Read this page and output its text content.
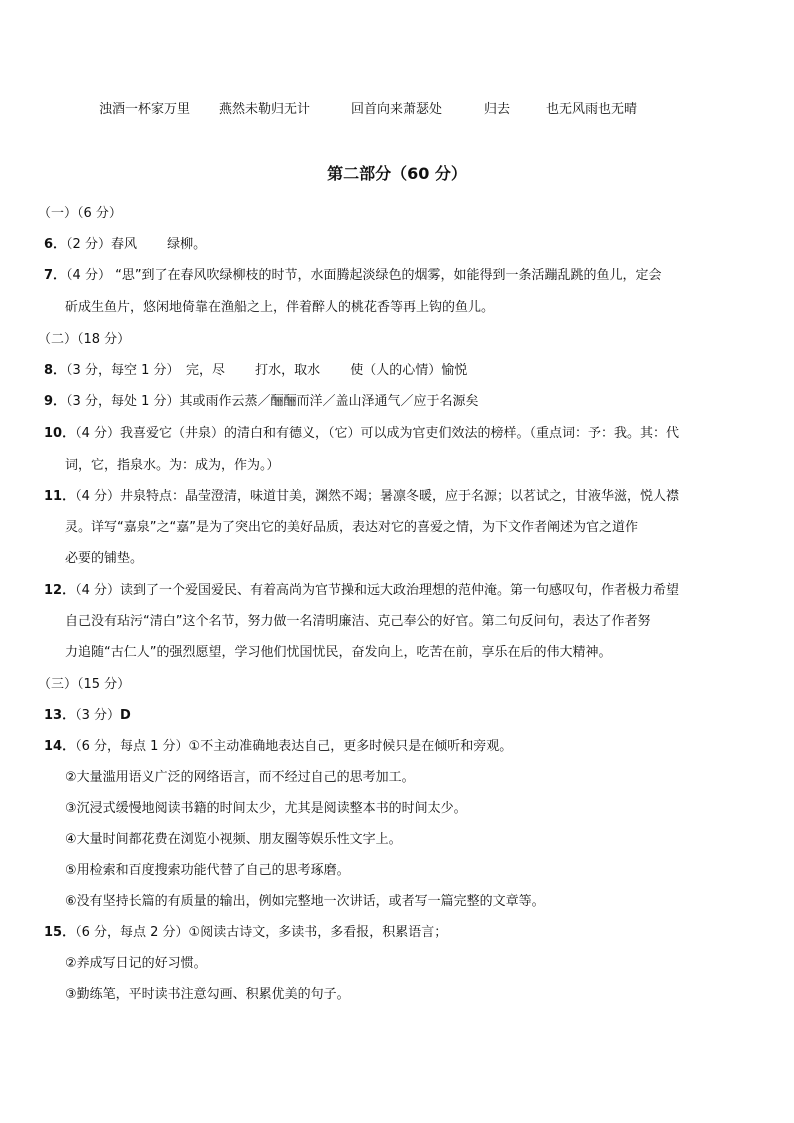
浊酒一杯家万里 燕然未勒归无计	回首向来萧瑟处	归去	也无风雨也无晴
第二部分（60 分）
（一）（6 分）
6．（2 分）春风　　 绿柳。
7．（4 分） “思”到了在春风吹绿柳枝的时节，水面腾起淡绿色的烟雾，如能得到一条活蹦乱跳的鱼儿，定会
斫成生鱼片，悠闲地倚靠在渔船之上，伴着醉人的桃花香等再上钩的鱼儿。
（二）（18 分）
8．（3 分，每空 1 分）　完，尽　　 打水，取水　　 使（人的心情）愉悦
9．（3 分，每处 1 分）其或雨作云蒸／酾酾而洋／盖山泽通气／应于名源矣
10．（4 分）我喜爱它（井泉）的清白和有德义，（它）可以成为官吏们效法的榜样。（重点词：予：我。其：代
词，它，指泉水。为：成为，作为。）
11．（4 分）井泉特点：晶莹澄清，味道甘美，渊然不竭；暑凛冬暖，应于名源；以茗试之，甘液华滋，悦人襟
灵。详写“嘉泉”之“嘉”是为了突出它的美好品质，表达对它的喜爱之情，为下文作者阐述为官之道作
必要的铺垫。
12．（4 分）读到了一个爱国爱民、有着高尚为官节操和远大政治理想的范仲淹。第一句感叹句，作者极力希望
自己没有玷污“清白”这个名节，努力做一名清明廉洁、克己奉公的好官。第二句反问句，表达了作者努
力追随“古仁人”的强烈愿望，学习他们忧国忧民，奋发向上，吃苦在前，享乐在后的伟大精神。
（三）（15 分）
13．（3 分）D
14．（6 分，每点 1 分）①不主动准确地表达自己，更多时候只是在倾听和旁观。
②大量滥用语义广泛的网络语言，而不经过自己的思考加工。
③沉浸式缓慢地阅读书籍的时间太少，尤其是阅读整本书的时间太少。
④大量时间都花费在浏览小视频、朋友圈等娱乐性文字上。
⑤用检索和百度搜索功能代替了自己的思考琢磨。
⑥没有坚持长篇的有质量的输出，例如完整地一次讲话，或者写一篇完整的文章等。
15．（6 分，每点 2 分）①阅读古诗文，多读书，多看报，积累语言；
②养成写日记的好习惯。
③勤练笔，平时读书注意勾画、积累优美的句子。
